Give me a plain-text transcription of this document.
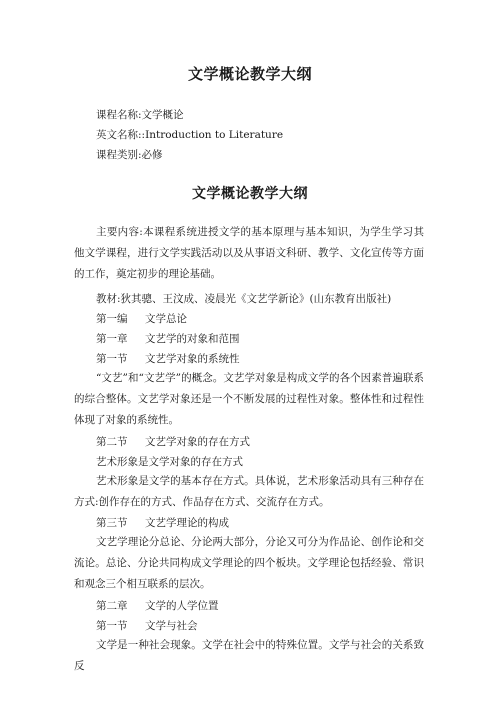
文学概论教学大纲
课程名称:文学概论
英文名称::Introduction to Literature
课程类别:必修
文学概论教学大纲

主要内容:本课程系统进授文学的基本原理与基本知识，为学生学习其他文学课程，进行文学实践活动以及从事语文科研、教学、文化宣传等方面的工作，奠定初步的理论基础。

教材:狄其骢、王汶成、凌晨光《文艺学新论》(山东教育出版社)
第一编 文学总论
第一章 文艺学的对象和范围
第一节 文艺学对象的系统性

“文艺”和“文艺学”的概念。文艺学对象是构成文学的各个因素普遍联系的综合整体。文艺学对象还是一个不断发展的过程性对象。整体性和过程性体现了对象的系统性。

第二节 文艺学对象的存在方式
艺术形象是文学对象的存在方式

艺术形象是文学的基本存在方式。具体说，艺术形象活动具有三种存在方式:创作存在的方式、作品存在方式、交流存在方式。

第三节 文艺学理论的构成

文艺学理论分总论、分论两大部分，分论又可分为作品论、创作论和交流论。总论、分论共同构成文学理论的四个板块。文学理论包括经验、常识和观念三个相互联系的层次。

第二章 文学的人学位置
第一节 文学与社会

文学是一种社会现象。文学在社会中的特殊位置。文学与社会的关系致反
